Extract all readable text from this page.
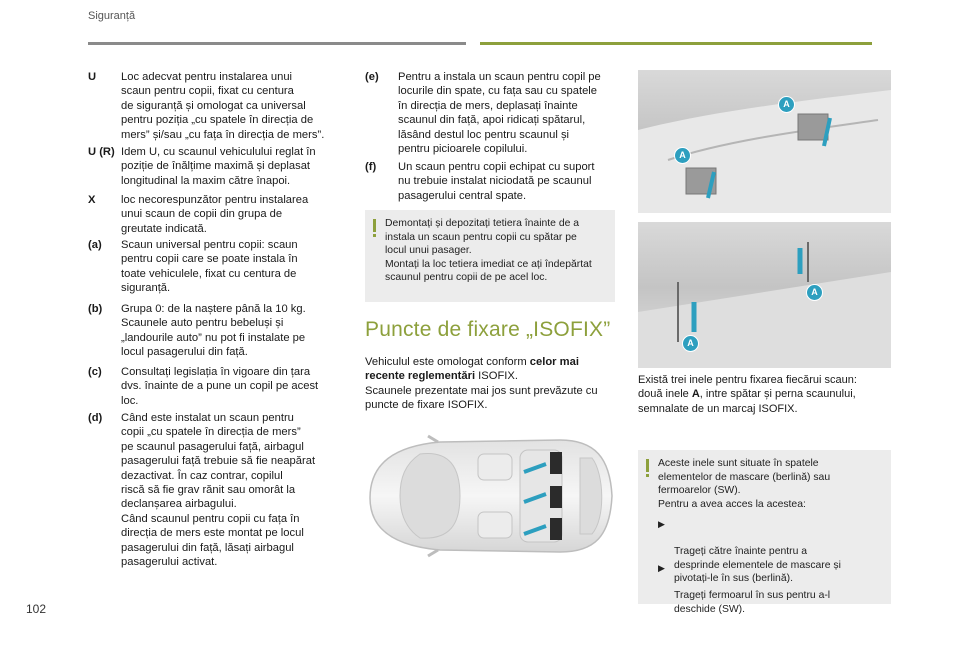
Siguranță
U Loc adecvat pentru instalarea unui
scaun pentru copii, fixat cu centura
de siguranță și omologat ca universal
pentru poziția „cu spatele în direcția de
mers” și/sau „cu fața în direcția de mers”.
U (R) Idem U, cu scaunul vehiculului reglat în
poziție de înălțime maximă și deplasat
longitudinal la maxim către înapoi.
X loc necorespunzător pentru instalarea
unui scaun de copii din grupa de
greutate indicată.
(a) Scaun universal pentru copii: scaun
pentru copii care se poate instala în
toate vehiculele, fixat cu centura de
siguranță.
(b) Grupa 0: de la naștere până la 10 kg.
Scaunele auto pentru bebeluși și
„landourile auto” nu pot fi instalate pe
locul pasagerului din față.
(c) Consultați legislația în vigoare din țara
dvs. înainte de a pune un copil pe acest
loc.
(d) Când este instalat un scaun pentru
copii „cu spatele în direcția de mers”
pe scaunul pasagerului față, airbagul
pasagerului față trebuie să fie neapărat
dezactivat. În caz contrar, copilul
riscă să fie grav rănit sau omorât la
declanșarea airbagului.
Când scaunul pentru copii cu fața în
direcția de mers este montat pe locul
pasagerului din față, lăsați airbagul
pasagerului activat.
(e) Pentru a instala un scaun pentru copil pe
locurile din spate, cu fața sau cu spatele
în direcția de mers, deplasați înainte
scaunul din față, apoi ridicați spătarul,
lăsând destul loc pentru scaunul și
pentru picioarele copilului.
(f) Un scaun pentru copii echipat cu suport
nu trebuie instalat niciodată pe scaunul
pasagerului central spate.
Demontați și depozitați tetiera înainte de a
instala un scaun pentru copii cu spătar pe
locul unui pasager.
Montați la loc tetiera imediat ce ați îndepărtat
scaunul pentru copii de pe acel loc.
Puncte de fixare „ISOFIX”
Vehiculul este omologat conform celor mai
recente reglementări ISOFIX.
Scaunele prezentate mai jos sunt prevăzute cu
puncte de fixare ISOFIX.
A
A
A
A
Există trei inele pentru fixarea fiecărui scaun:
două inele A, intre spătar și perna scaunului,
semnalate de un marcaj ISOFIX.
Aceste inele sunt situate în spatele
elementelor de mascare (berlină) sau
fermoarelor (SW).
Pentru a avea acces la acestea:

▶

Trageți către înainte pentru a
desprinde elementele de mascare și
pivotați-le în sus (berlină).

▶

Trageți fermoarul în sus pentru a-l
deschide (SW).

102
